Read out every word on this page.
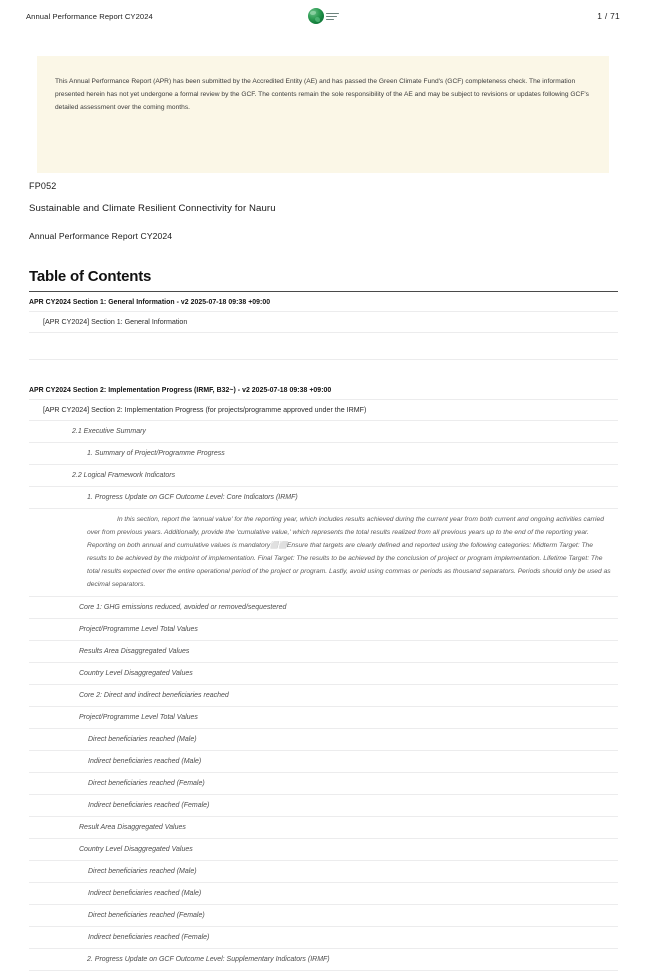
Annual Performance Report CY2024	1 / 71
This Annual Performance Report (APR) has been submitted by the Accredited Entity (AE) and has passed the Green Climate Fund's (GCF) completeness check. The information presented herein has not yet undergone a formal review by the GCF. The contents remain the sole responsibility of the AE and may be subject to revisions or updates following GCF's detailed assessment over the coming months.
FP052
Sustainable and Climate Resilient Connectivity for Nauru
Annual Performance Report CY2024
Table of Contents
APR CY2024 Section 1: General Information - v2 2025-07-18 09:38 +09:00
[APR CY2024] Section 1: General Information
APR CY2024 Section 2: Implementation Progress (IRMF, B32~) - v2 2025-07-18 09:38 +09:00
[APR CY2024] Section 2: Implementation Progress (for projects/programme approved under the IRMF)
2.1 Executive Summary
1. Summary of Project/Programme Progress
2.2 Logical Framework Indicators
1. Progress Update on GCF Outcome Level: Core Indicators (IRMF)
In this section, report the 'annual value' for the reporting year, which includes results achieved during the current year from both current and ongoing activities carried over from previous years. Additionally, provide the 'cumulative value,' which represents the total results realized from all previous years up to the end of the reporting year. Reporting on both annual and cumulative values is mandatory⬜⬜Ensure that targets are clearly defined and reported using the following categories: Midterm Target: The results to be achieved by the midpoint of implementation. Final Target: The results to be achieved by the conclusion of project or program implementation. Lifetime Target: The total results expected over the entire operational period of the project or program. Lastly, avoid using commas or periods as thousand separators. Periods should only be used as decimal separators.
Core 1: GHG emissions reduced, avoided or removed/sequestered
Project/Programme Level Total Values
Results Area Disaggregated Values
Country Level Disaggregated Values
Core 2: Direct and indirect beneficiaries reached
Project/Programme Level Total Values
Direct beneficiaries reached (Male)
Indirect beneficiaries reached (Male)
Direct beneficiaries reached (Female)
Indirect beneficiaries reached (Female)
Result Area Disaggregated Values
Country Level Disaggregated Values
Direct beneficiaries reached (Male)
Indirect beneficiaries reached (Male)
Direct beneficiaries reached (Female)
Indirect beneficiaries reached (Female)
2. Progress Update on GCF Outcome Level: Supplementary Indicators (IRMF)
